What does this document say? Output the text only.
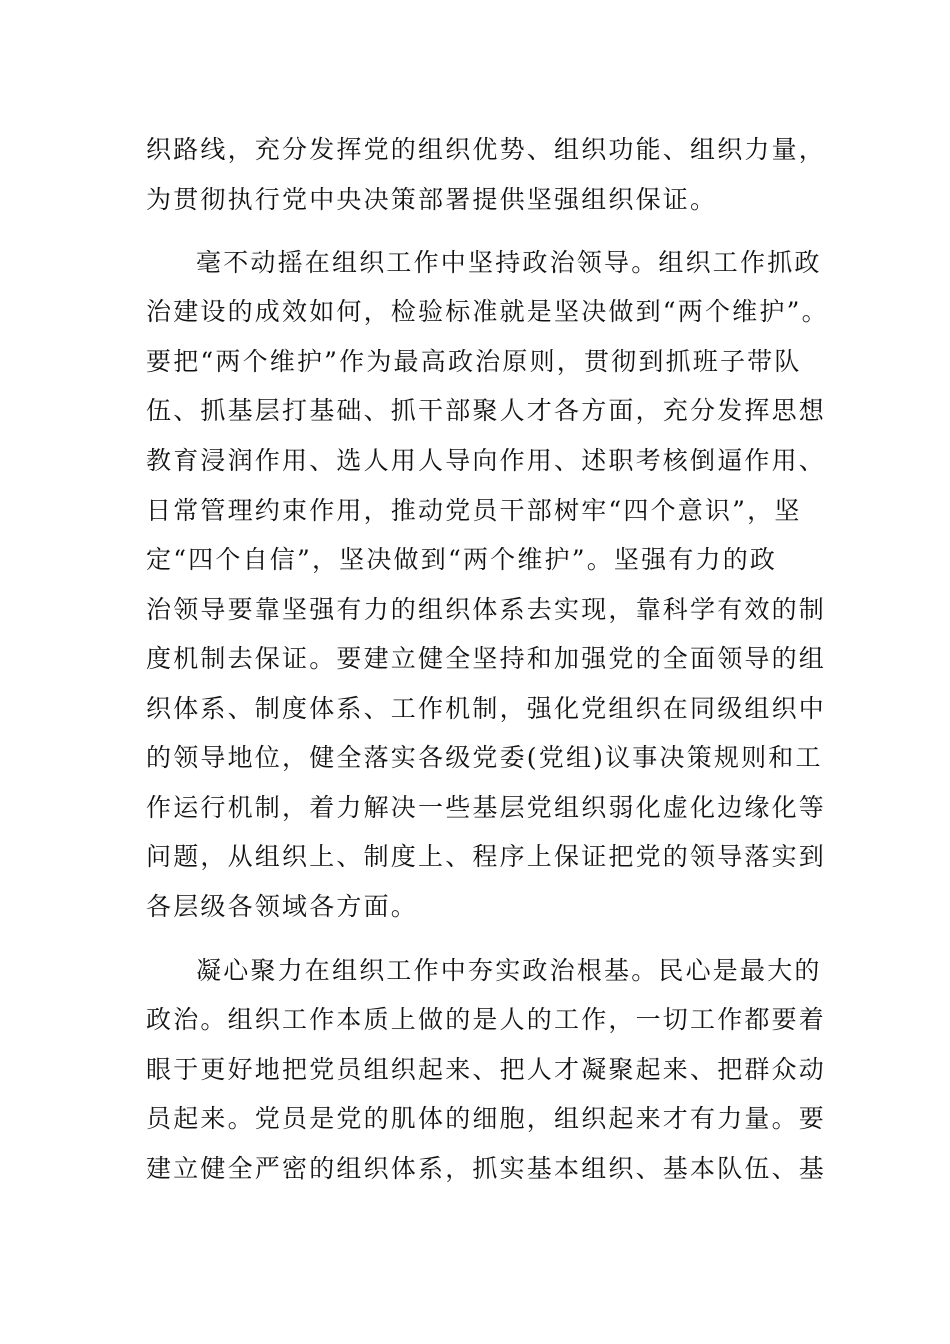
织路线，充分发挥党的组织优势、组织功能、组织力量，
为贯彻执行党中央决策部署提供坚强组织保证。
毫不动摇在组织工作中坚持政治领导。组织工作抓政
治建设的成效如何，检验标准就是坚决做到“两个维护”。
要把“两个维护”作为最高政治原则，贯彻到抓班子带队
伍、抓基层打基础、抓干部聚人才各方面，充分发挥思想
教育浸润作用、选人用人导向作用、述职考核倒逼作用、
日常管理约束作用，推动党员干部树牢“四个意识”，坚
定“四个自信”，坚决做到“两个维护”。坚强有力的政
治领导要靠坚强有力的组织体系去实现，靠科学有效的制
度机制去保证。要建立健全坚持和加强党的全面领导的组
织体系、制度体系、工作机制，强化党组织在同级组织中
的领导地位，健全落实各级党委(党组)议事决策规则和工
作运行机制，着力解决一些基层党组织弱化虚化边缘化等
问题，从组织上、制度上、程序上保证把党的领导落实到
各层级各领域各方面。
凝心聚力在组织工作中夯实政治根基。民心是最大的
政治。组织工作本质上做的是人的工作，一切工作都要着
眼于更好地把党员组织起来、把人才凝聚起来、把群众动
员起来。党员是党的肌体的细胞，组织起来才有力量。要
建立健全严密的组织体系，抓实基本组织、基本队伍、基
